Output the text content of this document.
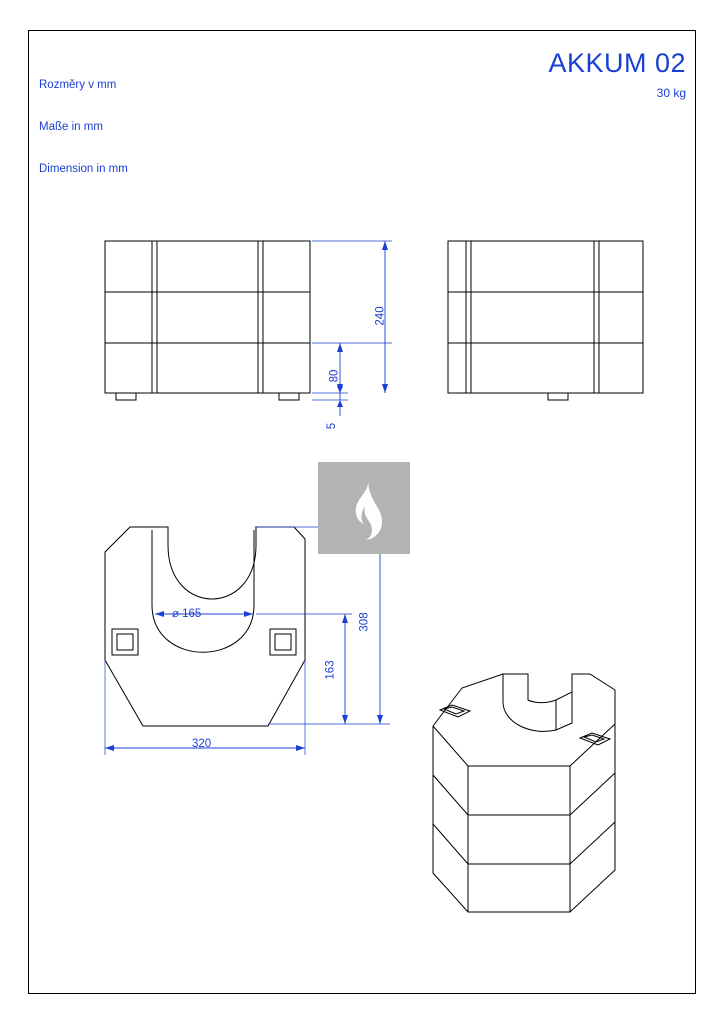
Rozměry v mm

Maße in mm

Dimension in mm

AKKUM 02
30 kg
240
80
5
⌀ 165	308
163
320
